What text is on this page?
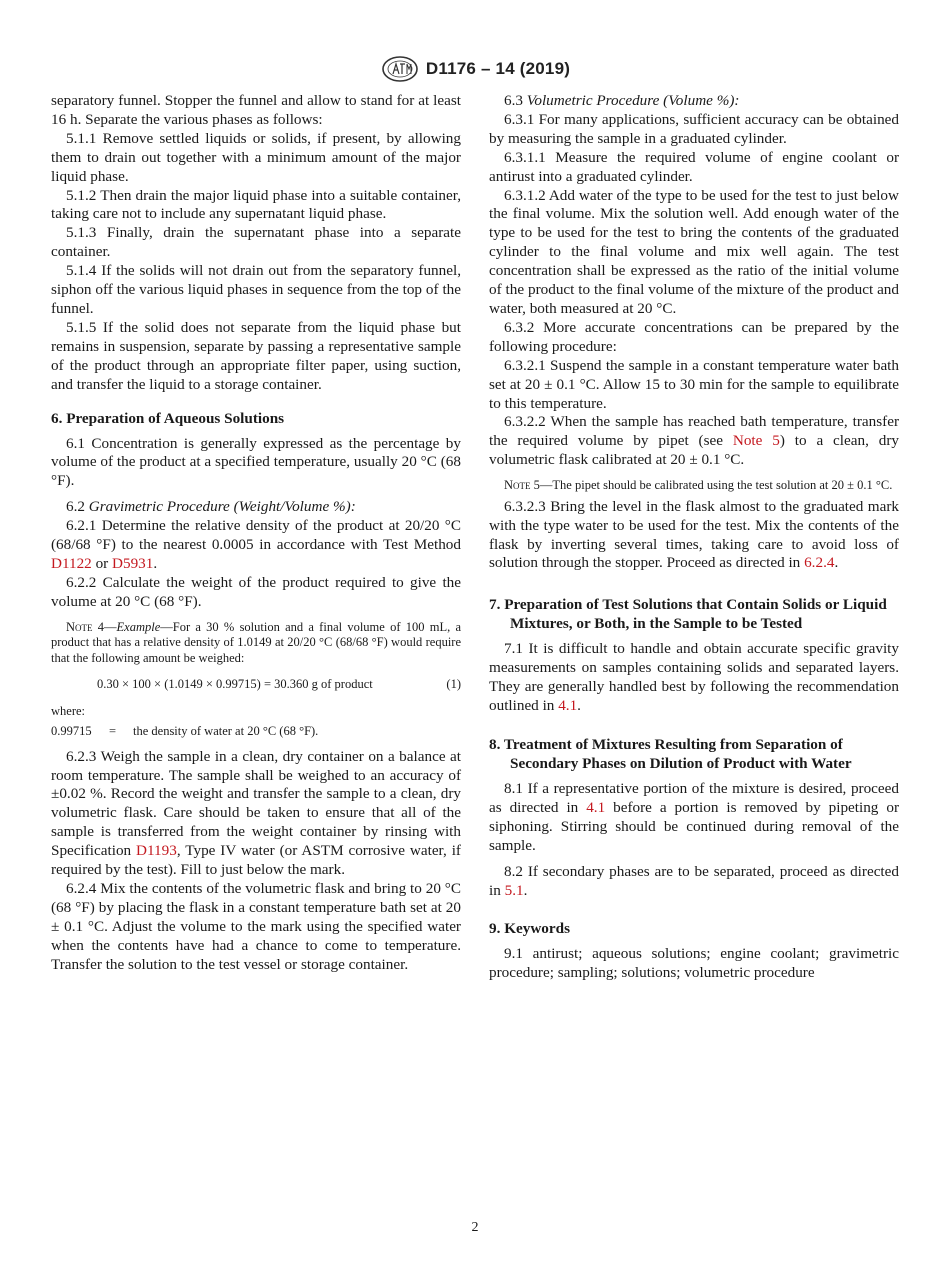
D1176 – 14 (2019)

separatory funnel. Stopper the funnel and allow to stand for at least 16 h. Separate the various phases as follows:

5.1.1 Remove settled liquids or solids, if present, by allowing them to drain out together with a minimum amount of the major liquid phase.

5.1.2 Then drain the major liquid phase into a suitable container, taking care not to include any supernatant liquid phase.

5.1.3 Finally, drain the supernatant phase into a separate container.

5.1.4 If the solids will not drain out from the separatory funnel, siphon off the various liquid phases in sequence from the top of the funnel.

5.1.5 If the solid does not separate from the liquid phase but remains in suspension, separate by passing a representative sample of the product through an appropriate filter paper, using suction, and transfer the liquid to a storage container.

6. Preparation of Aqueous Solutions

6.1 Concentration is generally expressed as the percentage by volume of the product at a specified temperature, usually 20 °C (68 °F).

6.2 Gravimetric Procedure (Weight/Volume %):

6.2.1 Determine the relative density of the product at 20/20 °C (68/68 °F) to the nearest 0.0005 in accordance with Test Method D1122 or D5931.

6.2.2 Calculate the weight of the product required to give the volume at 20 °C (68 °F).

Note 4—Example—For a 30 % solution and a final volume of 100 mL, a product that has a relative density of 1.0149 at 20/20 °C (68/68 °F) would require that the following amount be weighed:
0.30 × 100 × (1.0149 × 0.99715) = 30.360 g of product	(1)
where:
0.99715	=	the density of water at 20 °C (68 °F).

6.2.3 Weigh the sample in a clean, dry container on a balance at room temperature. The sample shall be weighed to an accuracy of ±0.02 %. Record the weight and transfer the sample to a clean, dry volumetric flask. Care should be taken to ensure that all of the sample is transferred from the weight container by rinsing with Specification D1193, Type IV water (or ASTM corrosive water, if required by the test). Fill to just below the mark.

6.2.4 Mix the contents of the volumetric flask and bring to 20 °C (68 °F) by placing the flask in a constant temperature bath set at 20 ± 0.1 °C. Adjust the volume to the mark using the specified water when the contents have had a chance to come to temperature. Transfer the solution to the test vessel or storage container.

6.3 Volumetric Procedure (Volume %):

6.3.1 For many applications, sufficient accuracy can be obtained by measuring the sample in a graduated cylinder.

6.3.1.1 Measure the required volume of engine coolant or antirust into a graduated cylinder.

6.3.1.2 Add water of the type to be used for the test to just below the final volume. Mix the solution well. Add enough water of the type to be used for the test to bring the contents of the graduated cylinder to the final volume and mix well again. The test concentration shall be expressed as the ratio of the initial volume of the product to the final volume of the mixture of the product and water, both measured at 20 °C.

6.3.2 More accurate concentrations can be prepared by the following procedure:

6.3.2.1 Suspend the sample in a constant temperature water bath set at 20 ± 0.1 °C. Allow 15 to 30 min for the sample to equilibrate to this temperature.

6.3.2.2 When the sample has reached bath temperature, transfer the required volume by pipet (see Note 5) to a clean, dry volumetric flask calibrated at 20 ± 0.1 °C.

Note 5—The pipet should be calibrated using the test solution at 20 ± 0.1 °C.

6.3.2.3 Bring the level in the flask almost to the graduated mark with the type water to be used for the test. Mix the contents of the flask by inverting several times, taking care to avoid loss of solution through the stopper. Proceed as directed in 6.2.4.

7. Preparation of Test Solutions that Contain Solids or Liquid Mixtures, or Both, in the Sample to be Tested

7.1 It is difficult to handle and obtain accurate specific gravity measurements on samples containing solids and separated layers. They are generally handled best by following the recommendation outlined in 4.1.

8. Treatment of Mixtures Resulting from Separation of Secondary Phases on Dilution of Product with Water

8.1 If a representative portion of the mixture is desired, proceed as directed in 4.1 before a portion is removed by pipeting or siphoning. Stirring should be continued during removal of the sample.

8.2 If secondary phases are to be separated, proceed as directed in 5.1.

9. Keywords

9.1 antirust; aqueous solutions; engine coolant; gravimetric procedure; sampling; solutions; volumetric procedure

2
